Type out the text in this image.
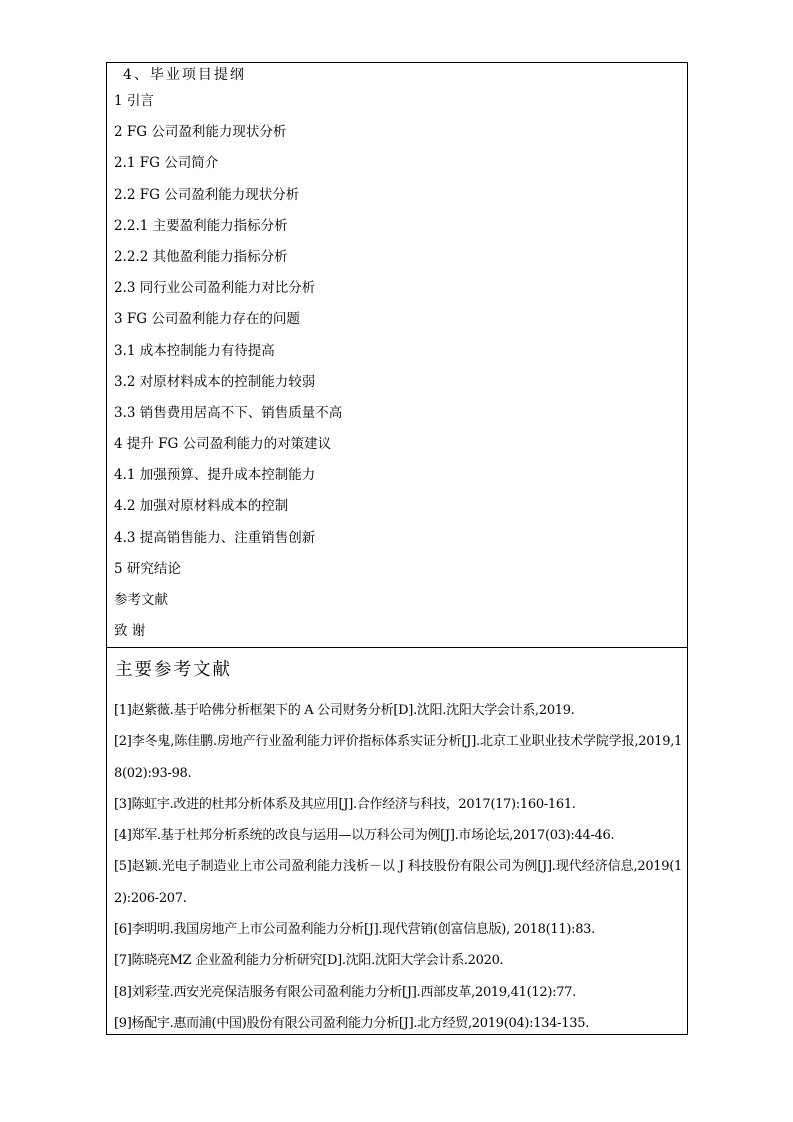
4、毕业项目提纲
1 引言
2 FG 公司盈利能力现状分析
2.1 FG 公司简介
2.2 FG 公司盈利能力现状分析
2.2.1 主要盈利能力指标分析
2.2.2 其他盈利能力指标分析
2.3 同行业公司盈利能力对比分析
3 FG 公司盈利能力存在的问题
3.1 成本控制能力有待提高
3.2 对原材料成本的控制能力较弱
3.3 销售费用居高不下、销售质量不高
4 提升 FG 公司盈利能力的对策建议
4.1 加强预算、提升成本控制能力
4.2 加强对原材料成本的控制
4.3 提高销售能力、注重销售创新
5 研究结论
参考文献
致 谢
主要参考文献
[1]赵紫薇.基于哈佛分析框架下的 A 公司财务分析[D].沈阳.沈阳大学会计系,2019.
[2]李冬鬼,陈佳鹏.房地产行业盈利能力评价指标体系实证分析[J].北京工业职业技术学院学报,2019,18(02):93-98.
[3]陈虹宇.改进的杜邦分析体系及其应用[J].合作经济与科技，2017(17):160-161.
[4]郑军.基于杜邦分析系统的改良与运用—以万科公司为例[J].市场论坛,2017(03):44-46.
[5]赵颖.光电子制造业上市公司盈利能力浅析－以 J 科技股份有限公司为例[J].现代经济信息,2019(12):206-207.
[6]李明明.我国房地产上市公司盈利能力分析[J].现代营销(创富信息版), 2018(11):83.
[7]陈晓亮MZ 企业盈利能力分析研究[D].沈阳.沈阳大学会计系.2020.
[8]刘彩莹.西安光亮保洁服务有限公司盈利能力分析[J].西部皮革,2019,41(12):77.
[9]杨配宇.惠而浦(中国)股份有限公司盈利能力分析[J].北方经贸,2019(04):134-135.
